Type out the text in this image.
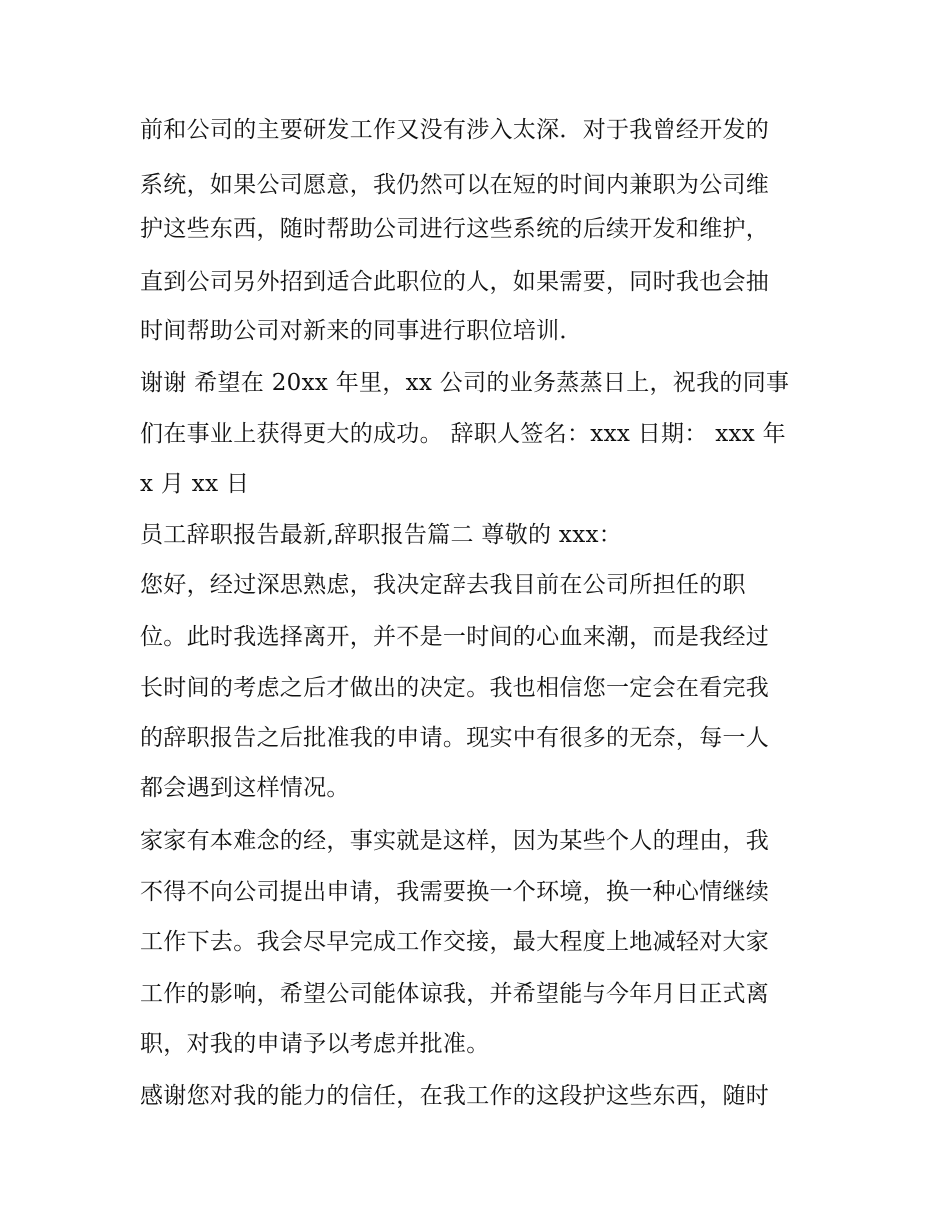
前和公司的主要研发工作又没有涉入太深．对于我曾经开发的
系统，如果公司愿意，我仍然可以在短的时间内兼职为公司维
护这些东西，随时帮助公司进行这些系统的后续开发和维护，
直到公司另外招到适合此职位的人，如果需要，同时我也会抽
时间帮助公司对新来的同事进行职位培训．
谢谢 希望在 20xx 年里，xx 公司的业务蒸蒸日上，祝我的同事
们在事业上获得更大的成功。 辞职人签名：xxx 日期： xxx 年
x 月 xx 日
员工辞职报告最新,辞职报告篇二 尊敬的 xxx：
您好，经过深思熟虑，我决定辞去我目前在公司所担任的职
位。此时我选择离开，并不是一时间的心血来潮，而是我经过
长时间的考虑之后才做出的决定。我也相信您一定会在看完我
的辞职报告之后批准我的申请。现实中有很多的无奈，每一人
都会遇到这样情况。
家家有本难念的经，事实就是这样，因为某些个人的理由，我
不得不向公司提出申请，我需要换一个环境，换一种心情继续
工作下去。我会尽早完成工作交接，最大程度上地减轻对大家
工作的影响，希望公司能体谅我，并希望能与今年月日正式离
职，对我的申请予以考虑并批准。
感谢您对我的能力的信任，在我工作的这段护这些东西，随时
